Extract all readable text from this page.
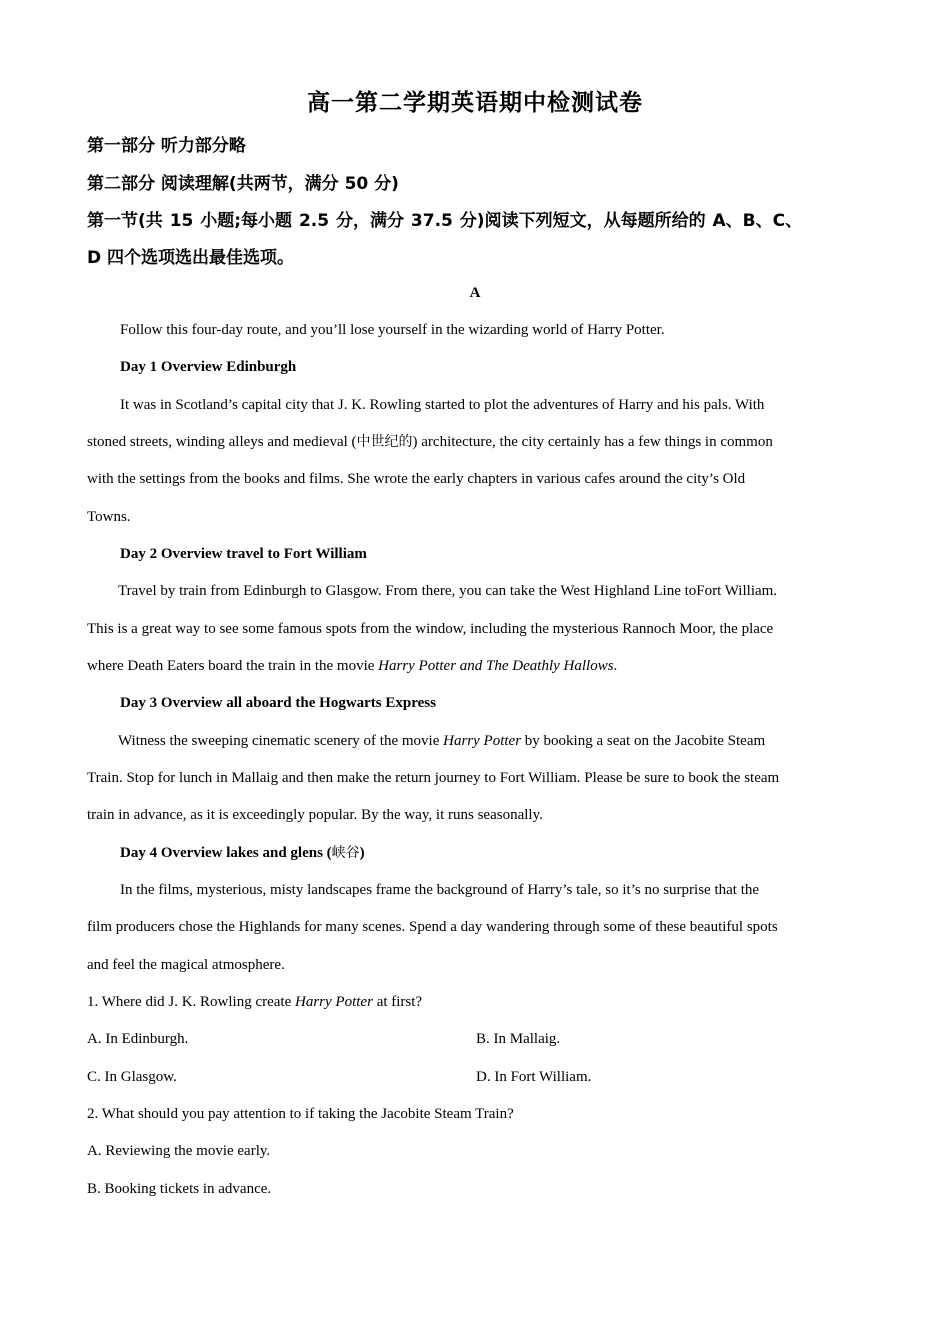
高一第二学期英语期中检测试卷
第一部分 听力部分略
第二部分 阅读理解(共两节，满分 50 分)
第一节(共 15 小题;每小题 2.5 分，满分 37.5 分)阅读下列短文，从每题所给的 A、B、C、
D 四个选项选出最佳选项。
A
Follow this four-day route, and you’ll lose yourself in the wizarding world of Harry Potter.
Day 1 Overview Edinburgh
It was in Scotland’s capital city that J. K. Rowling started to plot the adventures of Harry and his pals. With
stoned streets, winding alleys and medieval (中世纪的) architecture, the city certainly has a few things in common
with the settings from the books and films. She wrote the early chapters in various cafes around the city’s Old
Towns.
Day 2 Overview travel to Fort William
Travel by train from Edinburgh to Glasgow. From there, you can take the West Highland Line toFort William.
This is a great way to see some famous spots from the window, including the mysterious Rannoch Moor, the place
where Death Eaters board the train in the movie Harry Potter and The Deathly Hallows.
Day 3 Overview all aboard the Hogwarts Express
Witness the sweeping cinematic scenery of the movie Harry Potter by booking a seat on the Jacobite Steam
Train. Stop for lunch in Mallaig and then make the return journey to Fort William. Please be sure to book the steam
train in advance, as it is exceedingly popular. By the way, it runs seasonally.
Day 4 Overview lakes and glens (峡谷)
In the films, mysterious, misty landscapes frame the background of Harry’s tale, so it’s no surprise that the
film producers chose the Highlands for many scenes. Spend a day wandering through some of these beautiful spots
and feel the magical atmosphere.
1. Where did J. K. Rowling create Harry Potter at first?
A. In Edinburgh.	B. In Mallaig.
C. In Glasgow.	D. In Fort William.
2. What should you pay attention to if taking the Jacobite Steam Train?
A. Reviewing the movie early.
B. Booking tickets in advance.
